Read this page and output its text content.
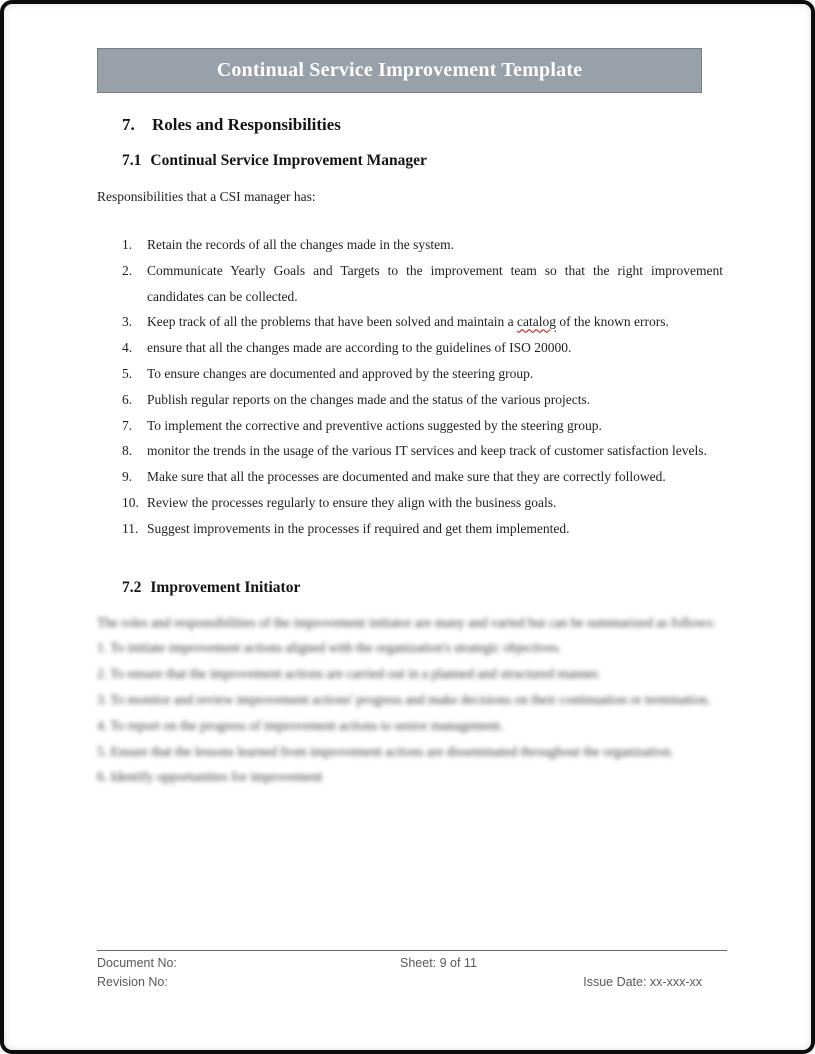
Continual Service Improvement Template
7.	Roles and Responsibilities
7.1 Continual Service Improvement Manager

Responsibilities that a CSI manager has:

1.	Retain the records of all the changes made in the system.
2.	Communicate Yearly Goals and Targets to the improvement team so that the right improvement candidates can be collected.
3.	Keep track of all the problems that have been solved and maintain a catalog of the known errors.
4.	ensure that all the changes made are according to the guidelines of ISO 20000.
5.	To ensure changes are documented and approved by the steering group.
6.	Publish regular reports on the changes made and the status of the various projects.
7.	To implement the corrective and preventive actions suggested by the steering group.
8.	monitor the trends in the usage of the various IT services and keep track of customer satisfaction levels.
9.	Make sure that all the processes are documented and make sure that they are correctly followed.
10. Review the processes regularly to ensure they align with the business goals.
11. Suggest improvements in the processes if required and get them implemented.
7.2 Improvement Initiator

The roles and responsibilities of the improvement initiator are many and varied but can be summarized as follows:

1. To initiate improvement actions aligned with the organization's strategic objectives.

2. To ensure that the improvement actions are carried out in a planned and structured manner.

3. To monitor and review improvement actions' progress and make decisions on their continuation or termination.

4. To report on the progress of improvement actions to senior management.

5. Ensure that the lessons learned from improvement actions are disseminated throughout the organization.

6. Identify opportunities for improvement

Document No:	Sheet: 9 of 11
Revision No:	Issue Date: xx-xxx-xx
